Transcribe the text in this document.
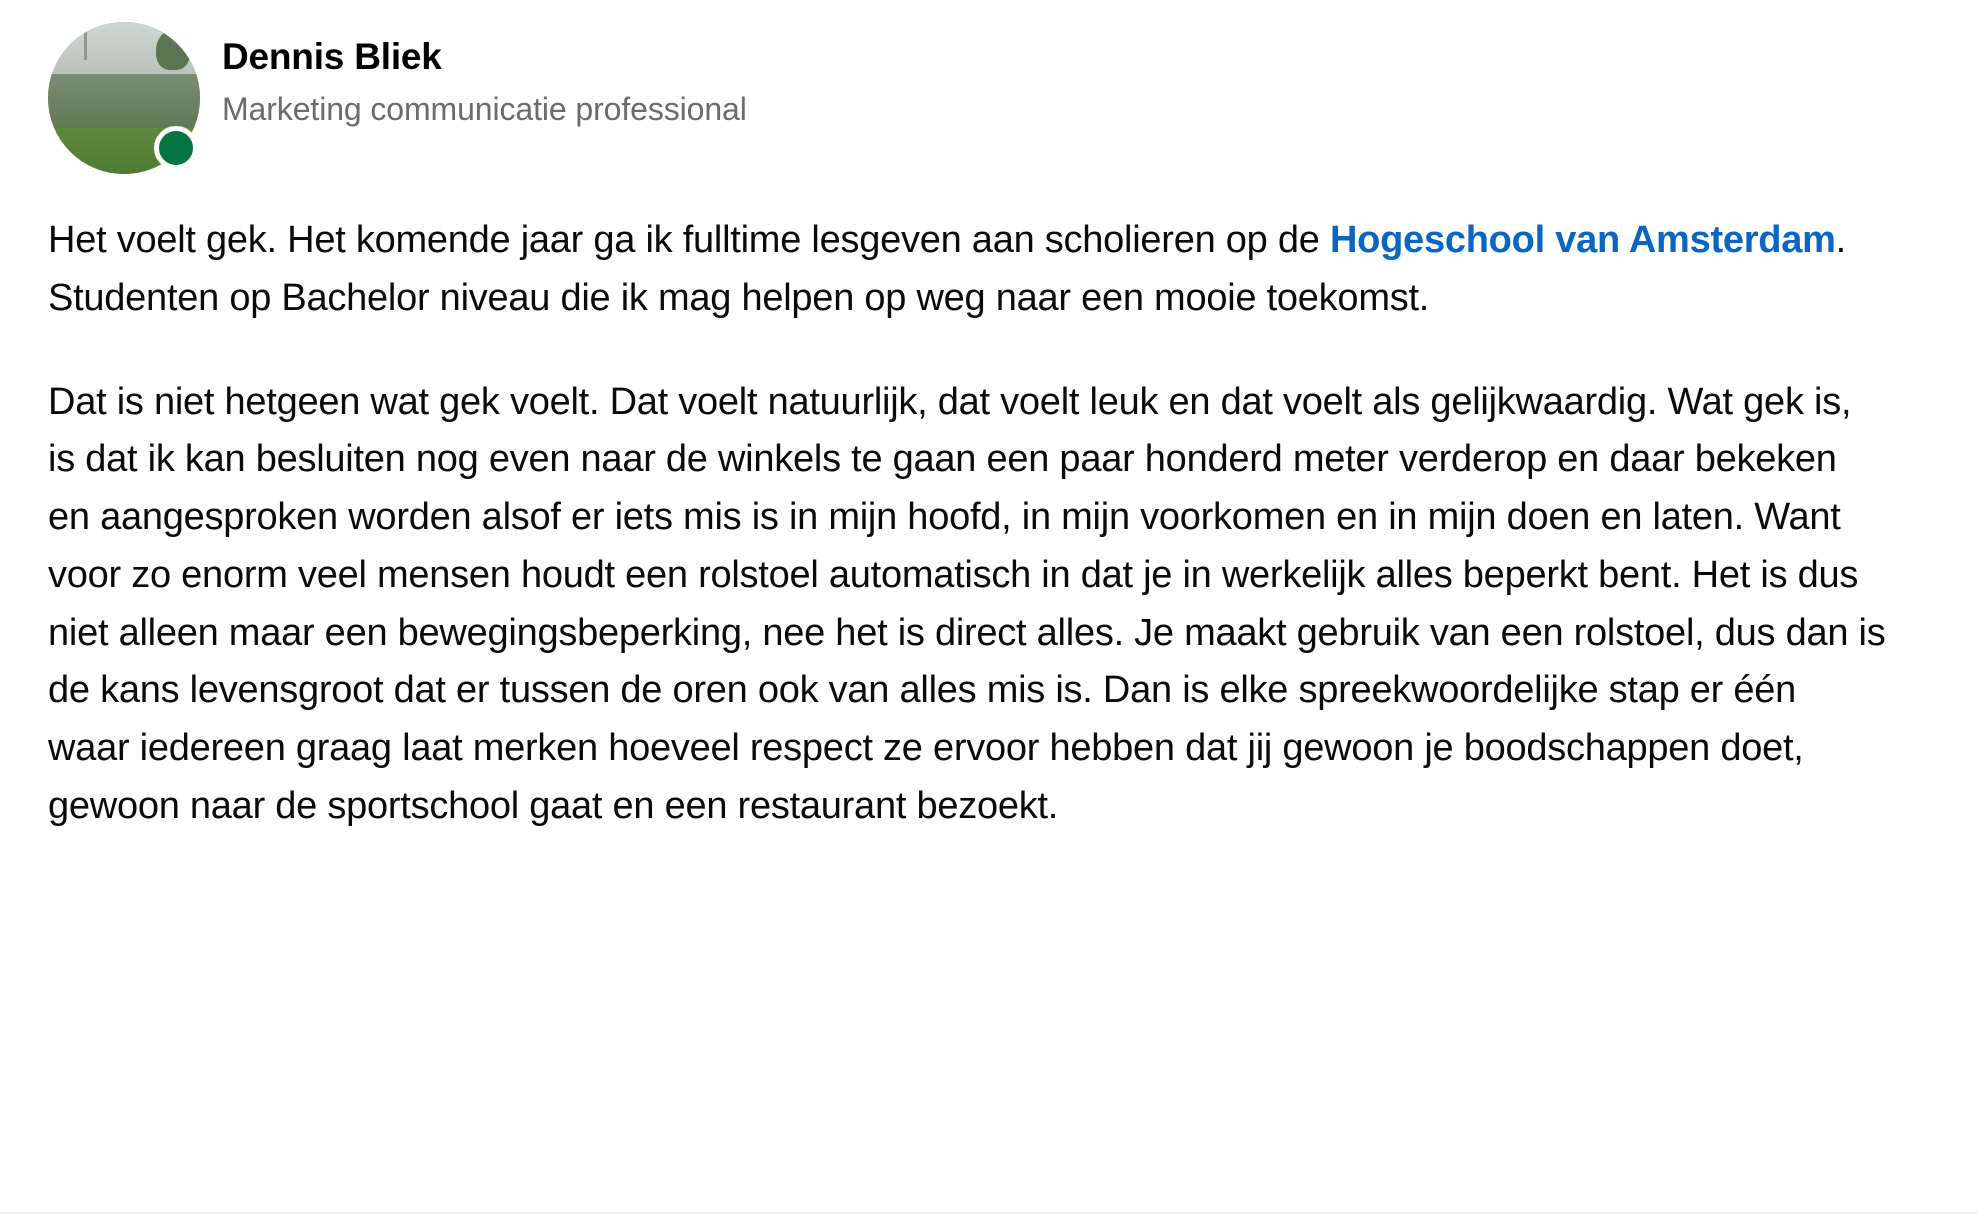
Dennis Bliek
Marketing communicatie professional

Het voelt gek. Het komende jaar ga ik fulltime lesgeven aan scholieren op de Hogeschool van Amsterdam. Studenten op Bachelor niveau die ik mag helpen op weg naar een mooie toekomst.

Dat is niet hetgeen wat gek voelt. Dat voelt natuurlijk, dat voelt leuk en dat voelt als gelijkwaardig. Wat gek is, is dat ik kan besluiten nog even naar de winkels te gaan een paar honderd meter verderop en daar bekeken en aangesproken worden alsof er iets mis is in mijn hoofd, in mijn voorkomen en in mijn doen en laten. Want voor zo enorm veel mensen houdt een rolstoel automatisch in dat je in werkelijk alles beperkt bent. Het is dus niet alleen maar een bewegingsbeperking, nee het is direct alles. Je maakt gebruik van een rolstoel, dus dan is de kans levensgroot dat er tussen de oren ook van alles mis is. Dan is elke spreekwoordelijke stap er één waar iedereen graag laat merken hoeveel respect ze ervoor hebben dat jij gewoon je boodschappen doet, gewoon naar de sportschool gaat en een restaurant bezoekt.
